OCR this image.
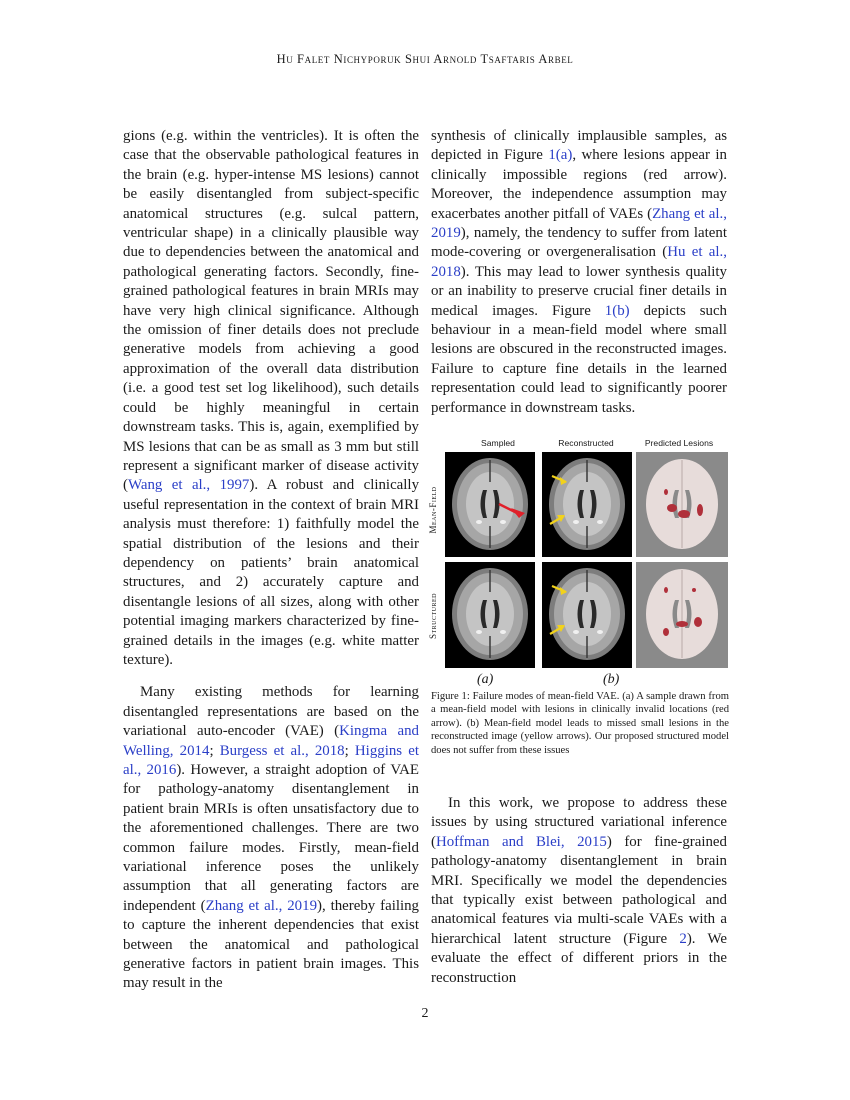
Hu Falet Nichyporuk Shui Arnold Tsaftaris Arbel

gions (e.g. within the ventricles). It is often the case that the observable pathological features in the brain (e.g. hyper-intense MS lesions) cannot be easily disentangled from subject-specific anatomical structures (e.g. sulcal pattern, ventricular shape) in a clinically plausible way due to dependencies between the anatomical and pathological generating factors. Secondly, fine-grained pathological features in brain MRIs may have very high clinical significance. Although the omission of finer details does not preclude generative models from achieving a good approximation of the overall data distribution (i.e. a good test set log likelihood), such details could be highly meaningful in certain downstream tasks. This is, again, exemplified by MS lesions that can be as small as 3 mm but still represent a significant marker of disease activity (Wang et al., 1997). A robust and clinically useful representation in the context of brain MRI analysis must therefore: 1) faithfully model the spatial distribution of the lesions and their dependency on patients’ brain anatomical structures, and 2) accurately capture and disentangle lesions of all sizes, along with other potential imaging markers characterized by fine-grained details in the images (e.g. white matter texture).

Many existing methods for learning disentangled representations are based on the variational auto-encoder (VAE) (Kingma and Welling, 2014; Burgess et al., 2018; Higgins et al., 2016). However, a straight adoption of VAE for pathology-anatomy disentanglement in patient brain MRIs is often unsatisfactory due to the aforementioned challenges. There are two common failure modes. Firstly, mean-field variational inference poses the unlikely assumption that all generating factors are independent (Zhang et al., 2019), thereby failing to capture the inherent dependencies that exist between the anatomical and pathological generative factors in patient brain images. This may result in the

synthesis of clinically implausible samples, as depicted in Figure 1(a), where lesions appear in clinically impossible regions (red arrow). Moreover, the independence assumption may exacerbates another pitfall of VAEs (Zhang et al., 2019), namely, the tendency to suffer from latent mode-covering or overgeneralisation (Hu et al., 2018). This may lead to lower synthesis quality or an inability to preserve crucial finer details in medical images. Figure 1(b) depicts such behaviour in a mean-field model where small lesions are obscured in the reconstructed images. Failure to capture fine details in the learned representation could lead to significantly poorer performance in downstream tasks.

Sampled	Reconstructed	Predicted Lesions
Mean-Field
Structured
(a)	(b)
Figure 1: Failure modes of mean-field VAE. (a) A sample drawn from a mean-field model with lesions in clinically invalid locations (red arrow). (b) Mean-field model leads to missed small lesions in the reconstructed image (yellow arrows). Our proposed structured model does not suffer from these issues

In this work, we propose to address these issues by using structured variational inference (Hoffman and Blei, 2015) for fine-grained pathology-anatomy disentanglement in brain MRI. Specifically we model the dependencies that typically exist between pathological and anatomical features via multi-scale VAEs with a hierarchical latent structure (Figure 2). We evaluate the effect of different priors in the reconstruction

2
